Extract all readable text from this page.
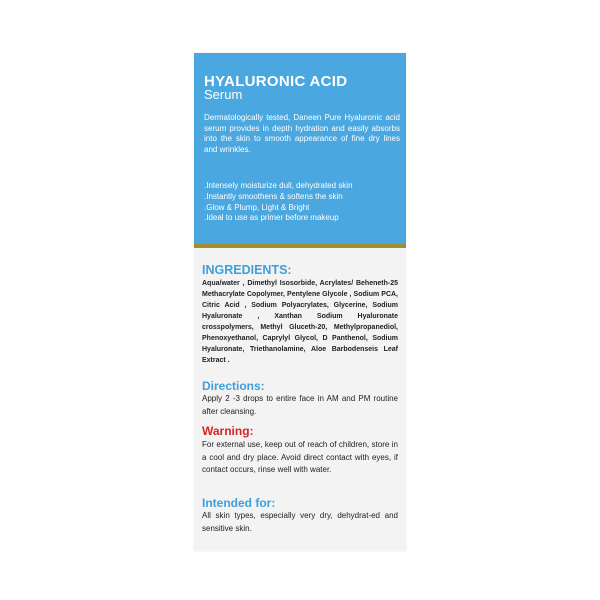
HYALURONIC ACID
Serum
Dermatologically tested, Daneen Pure Hyaluronic acid serum provides in depth hydration and easily absorbs into the skin to smooth appearance of fine dry lines and wrinkles.
.Intensely moisturize dull, dehydrated skin
.Instantly smoothens & softens the skin
.Glow & Plump, Light & Bright
.Ideal to use as primer before makeup
INGREDIENTS:
Aqua/water , Dimethyl Isosorbide, Acrylates/ Beheneth-25 Methacrylate Copolymer, Pentylene Glycole , Sodium PCA, Citric Acid , Sodium Polyacrylates, Glycerine, Sodium Hyaluronate , Xanthan Sodium Hyaluronate crosspolymers, Methyl Gluceth-20, Methylpropanediol, Phenoxyethanol, Caprylyl Glycol, D Panthenol, Sodium Hyaluronate, Triethanolamine, Aloe Barbodenseis Leaf Extract .
Directions:
Apply 2 -3 drops to entire face in AM and PM routine after cleansing.
Warning:
For external use, keep out of reach of children, store in a cool and dry place. Avoid direct contact with eyes, if contact occurs, rinse well with water.
Intended for:
All skin types, especially very dry, dehydrat-ed and sensitive skin.
